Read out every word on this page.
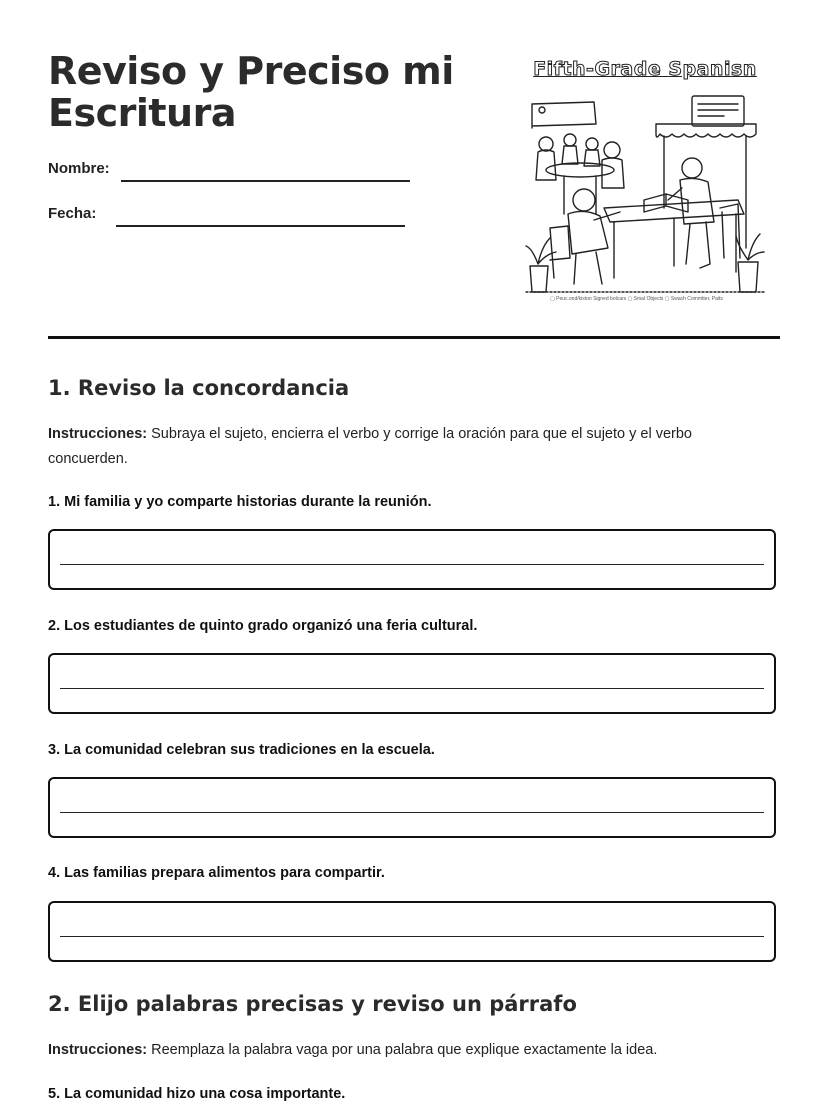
Reviso y Preciso mi Escritura
Nombre:
Fecha:
Fifth-Grade Spanisn
▢ Peuc.ond/kiston Signed bolcars ▢ Smal Objects ▢ Swach Commtter, Paits
1. Reviso la concordancia

Instrucciones: Subraya el sujeto, encierra el verbo y corrige la oración para que el sujeto y el verbo concuerden.

1. Mi familia y yo comparte historias durante la reunión.

2. Los estudiantes de quinto grado organizó una feria cultural.

3. La comunidad celebran sus tradiciones en la escuela.

4. Las familias prepara alimentos para compartir.

2. Elijo palabras precisas y reviso un párrafo

Instrucciones: Reemplaza la palabra vaga por una palabra que explique exactamente la idea.

5. La comunidad hizo una cosa importante.
